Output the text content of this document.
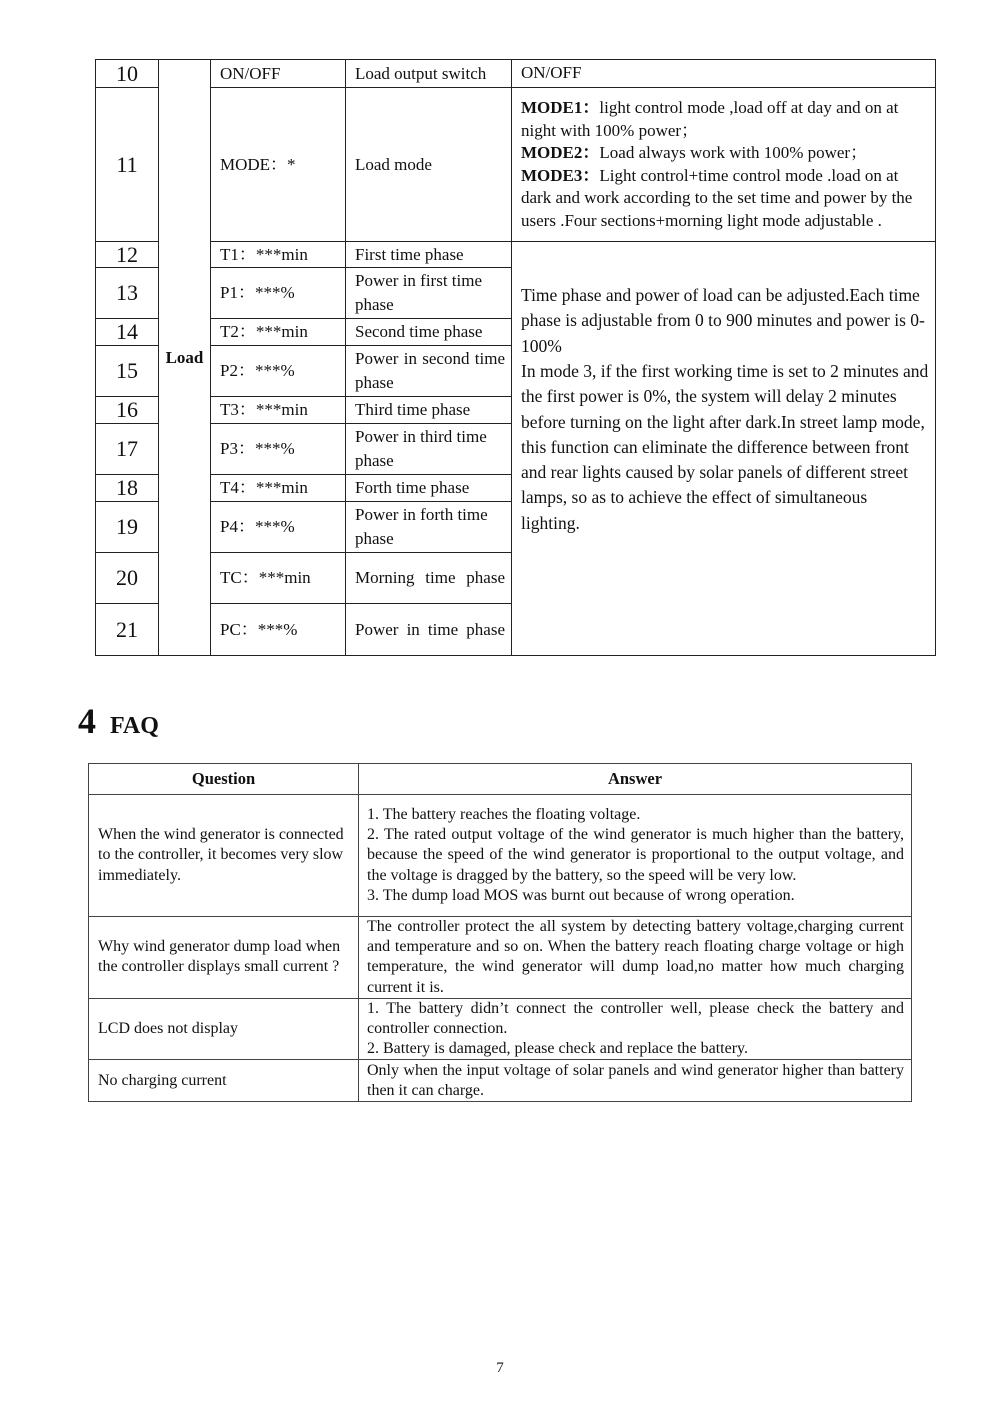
10	Load	ON/OFF	Load output switch	ON/OFF
11		MODE：*	Load mode	MODE1：light control mode ,load off at day and on at night with 100% power；
MODE2：Load always work with 100% power；
MODE3：Light control+time control mode .load on at dark and work according to the set time and power by the users .Four sections+morning light mode adjustable .

12		T1：***min	First time phase	Time phase and power of load can be adjusted.Each time phase is adjustable from 0 to 900 minutes and power is 0-100%
In mode 3, if the first working time is set to 2 minutes and the first power is 0%, the system will delay 2 minutes before turning on the light after dark.In street lamp mode, this function can eliminate the difference between front and rear lights caused by solar panels of different street lamps, so as to achieve the effect of simultaneous lighting.

13		P1：***%	Power in first time phase	
14		T2：***min	Second time phase	
15		P2：***%	Power in second time phase	
16		T3：***min	Third time phase	
17		P3：***%	Power in third time phase	
18		T4：***min	Forth time phase	
19		P4：***%	Power in forth time phase	
20		TC：***min	Morning time phase	
21		PC：***%	Power in time phase	
4 FAQ
Question	Answer
When the wind generator is connected to the controller, it becomes very slow immediately.	1. The battery reaches the floating voltage.
2. The rated output voltage of the wind generator is much higher than the battery, because the speed of the wind generator is proportional to the output voltage, and the voltage is dragged by the battery, so the speed will be very low.
3. The dump load MOS was burnt out because of wrong operation.

Why wind generator dump load when the controller displays small current ?	The controller protect the all system by detecting battery voltage,charging current and temperature and so on. When the battery reach floating charge voltage or high temperature, the wind generator will dump load,no matter how much charging current it is.

LCD does not display	1. The battery didn’t connect the controller well, please check the battery and controller connection.
2. Battery is damaged, please check and replace the battery.

No charging current	Only when the input voltage of solar panels and wind generator higher than battery then it can charge.
7
